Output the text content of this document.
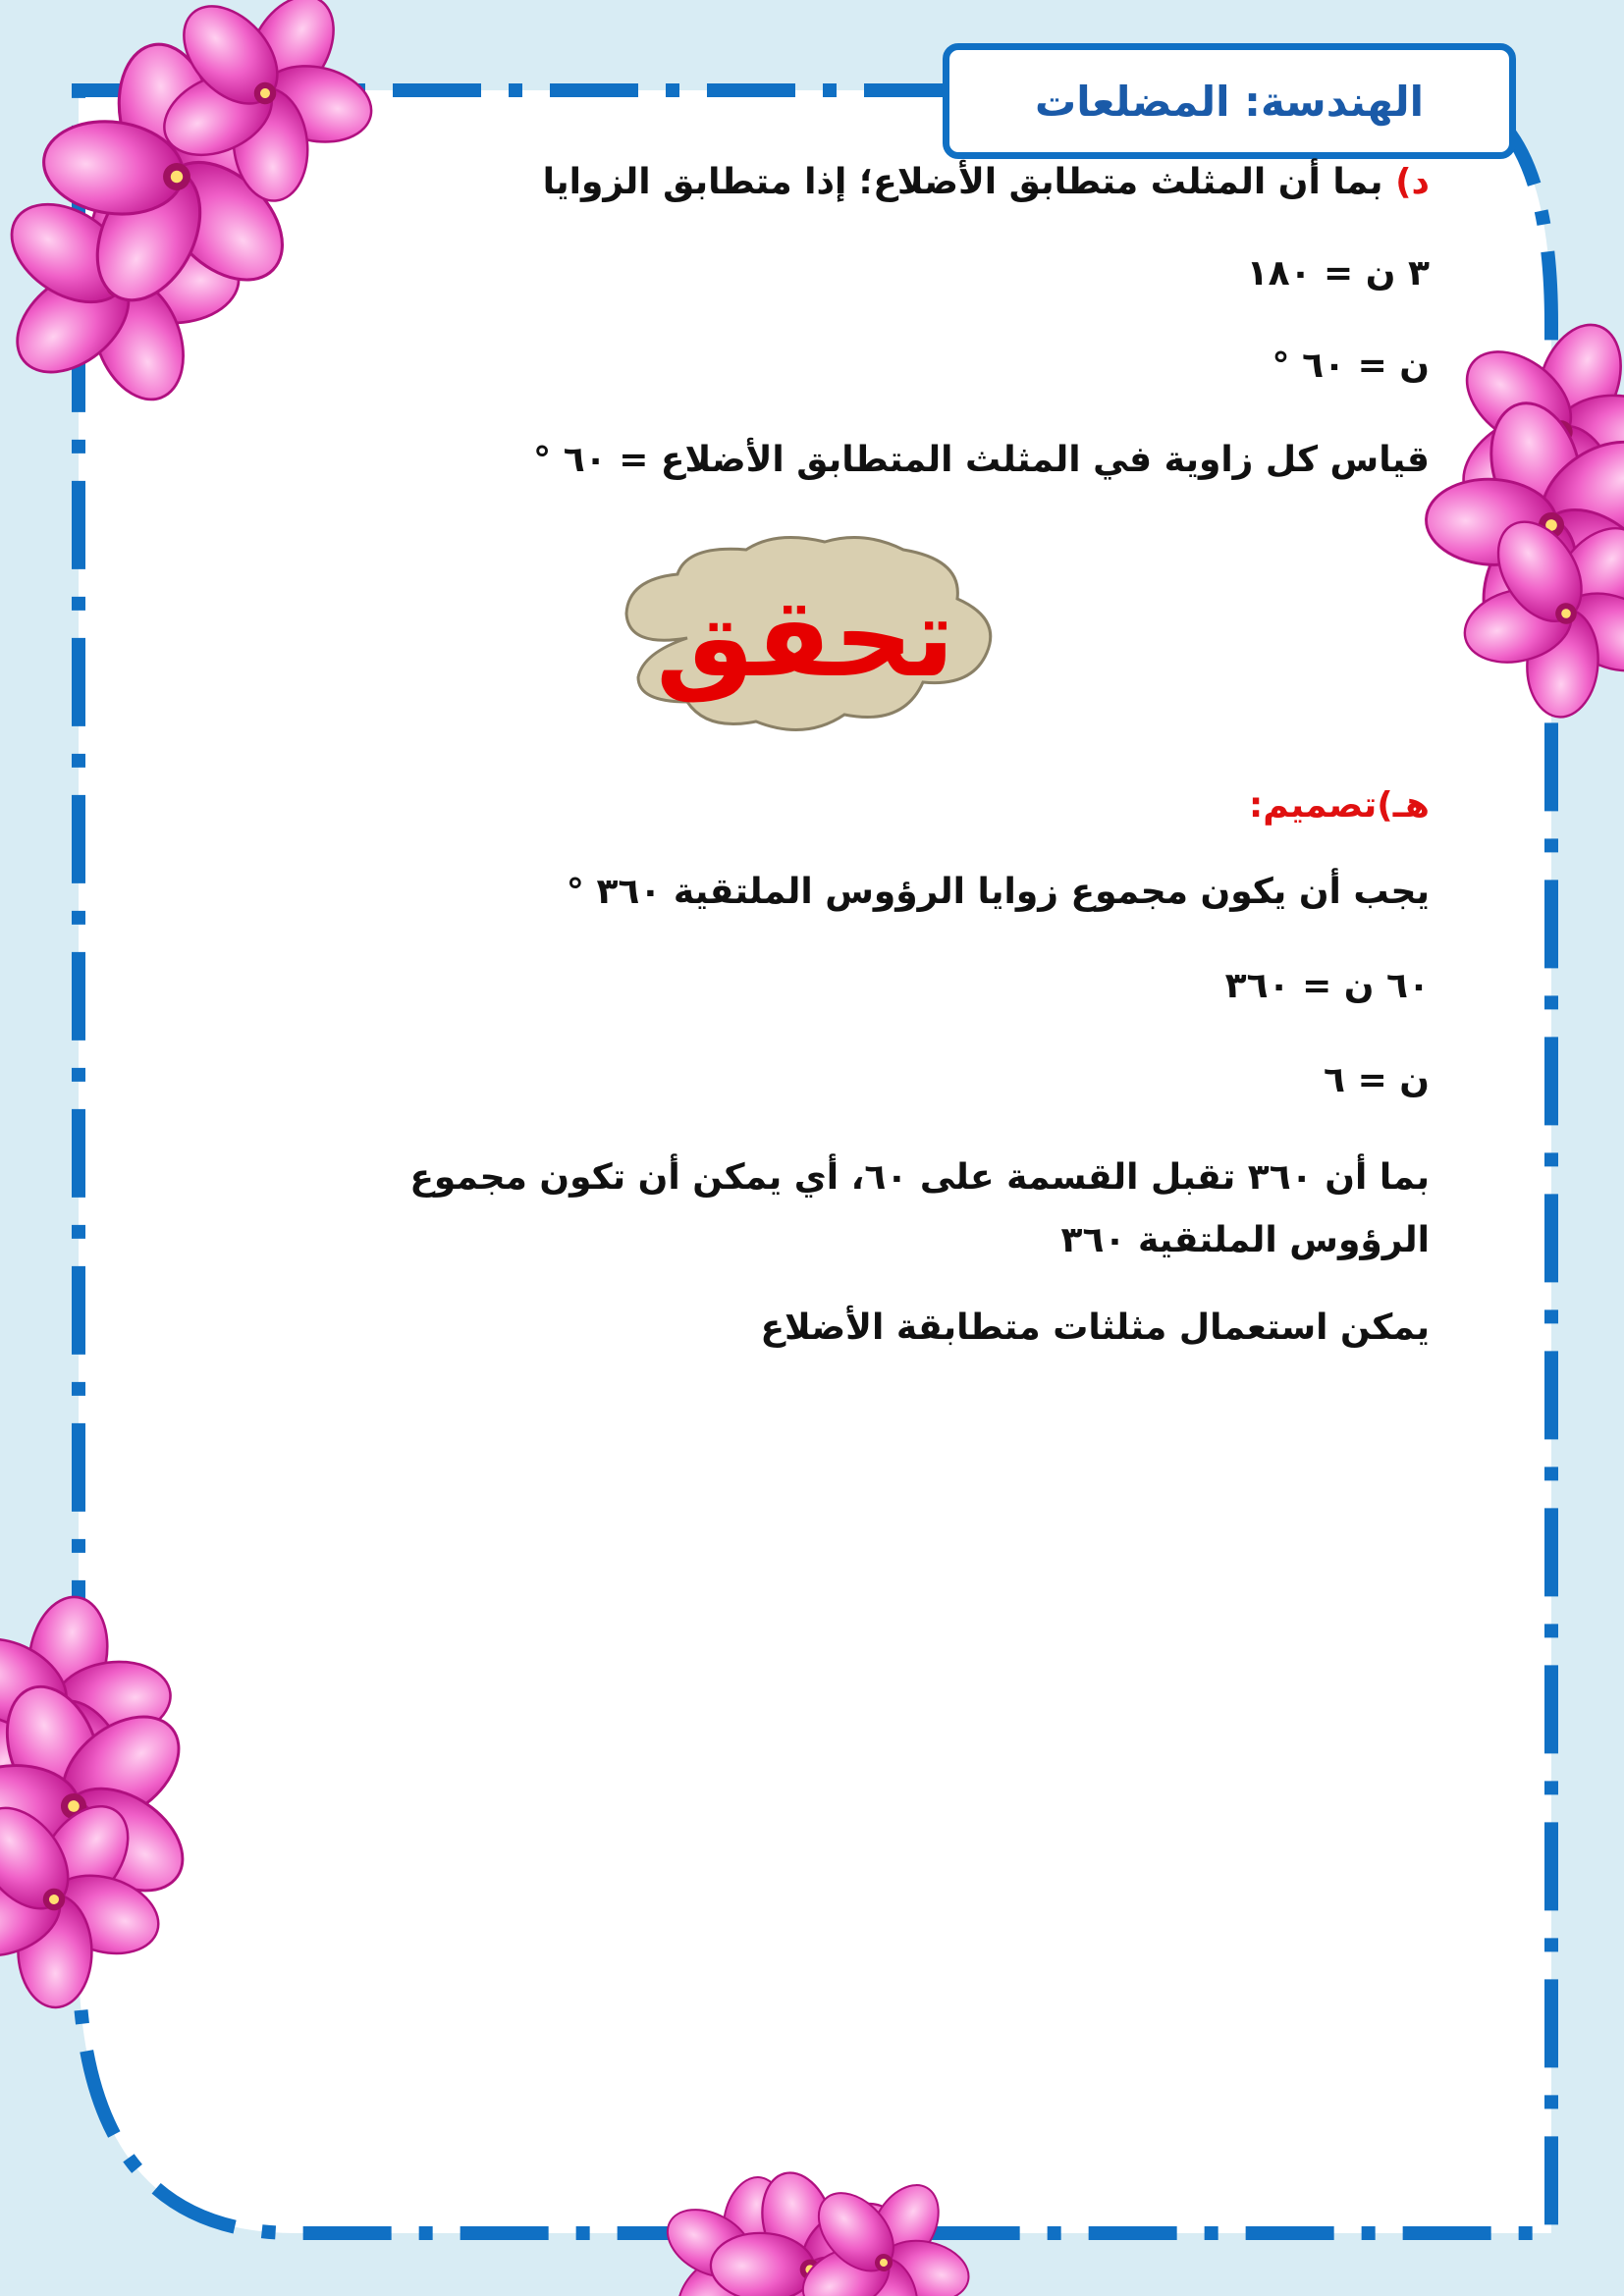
الهندسة: المضلعات
د) بما أن المثلث متطابق الأضلاع؛ إذا متطابق الزوايا
٣ ن = ١٨٠
ن = ٦٠ °
قياس كل زاوية في المثلث المتطابق الأضلاع = ٦٠ °
هـ)تصميم:
يجب أن يكون مجموع زوايا الرؤوس الملتقية ٣٦٠ °
٦٠ ن = ٣٦٠
ن = ٦
بما أن ٣٦٠ تقبل القسمة على ٦٠، أي يمكن أن تكون مجموع الرؤوس الملتقية ٣٦٠
يمكن استعمال مثلثات متطابقة الأضلاع
تحقق
